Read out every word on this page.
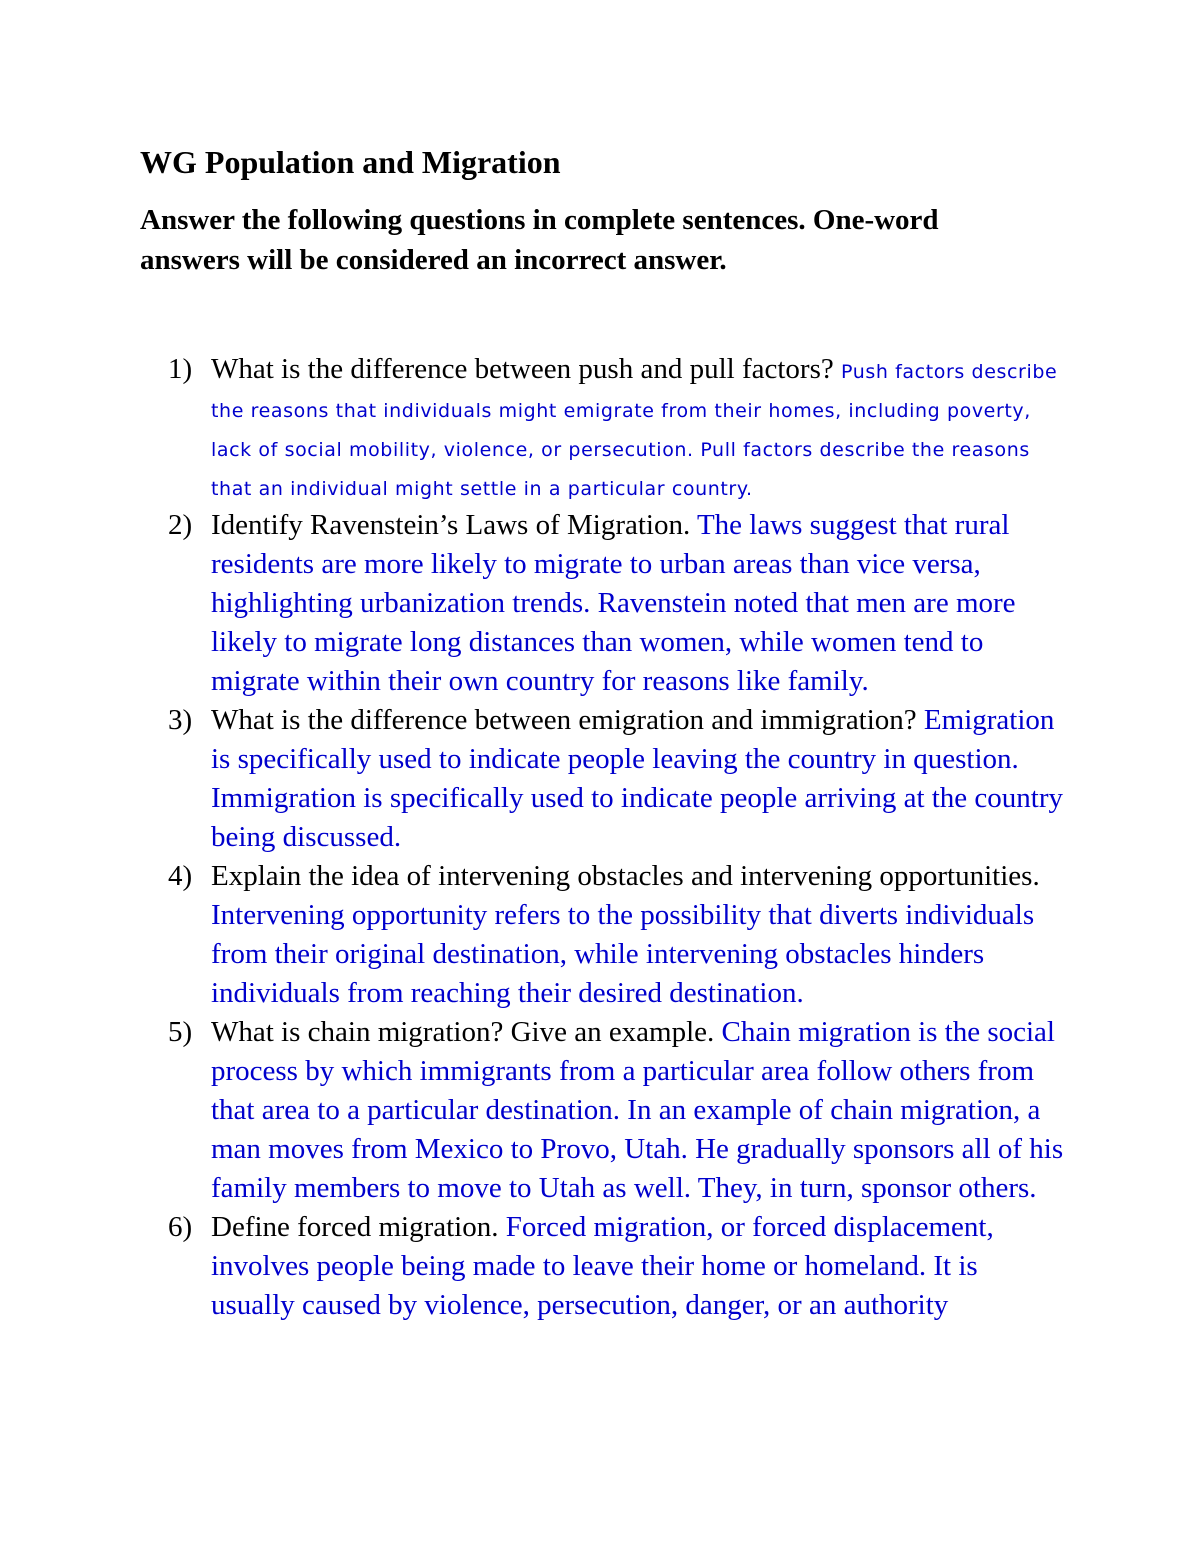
WG Population and Migration

Answer the following questions in complete sentences. One-word answers will be considered an incorrect answer.

1) What is the difference between push and pull factors? Push factors describe the reasons that individuals might emigrate from their homes, including poverty, lack of social mobility, violence, or persecution. Pull factors describe the reasons that an individual might settle in a particular country.
2) Identify Ravenstein’s Laws of Migration. The laws suggest that rural residents are more likely to migrate to urban areas than vice versa, highlighting urbanization trends. Ravenstein noted that men are more likely to migrate long distances than women, while women tend to migrate within their own country for reasons like family.
3) What is the difference between emigration and immigration? Emigration is specifically used to indicate people leaving the country in question. Immigration is specifically used to indicate people arriving at the country being discussed.
4) Explain the idea of intervening obstacles and intervening opportunities. Intervening opportunity refers to the possibility that diverts individuals from their original destination, while intervening obstacles hinders individuals from reaching their desired destination.
5) What is chain migration? Give an example. Chain migration is the social process by which immigrants from a particular area follow others from that area to a particular destination. In an example of chain migration, a man moves from Mexico to Provo, Utah. He gradually sponsors all of his family members to move to Utah as well. They, in turn, sponsor others.
6) Define forced migration. Forced migration, or forced displacement, involves people being made to leave their home or homeland. It is usually caused by violence, persecution, danger, or an authority
